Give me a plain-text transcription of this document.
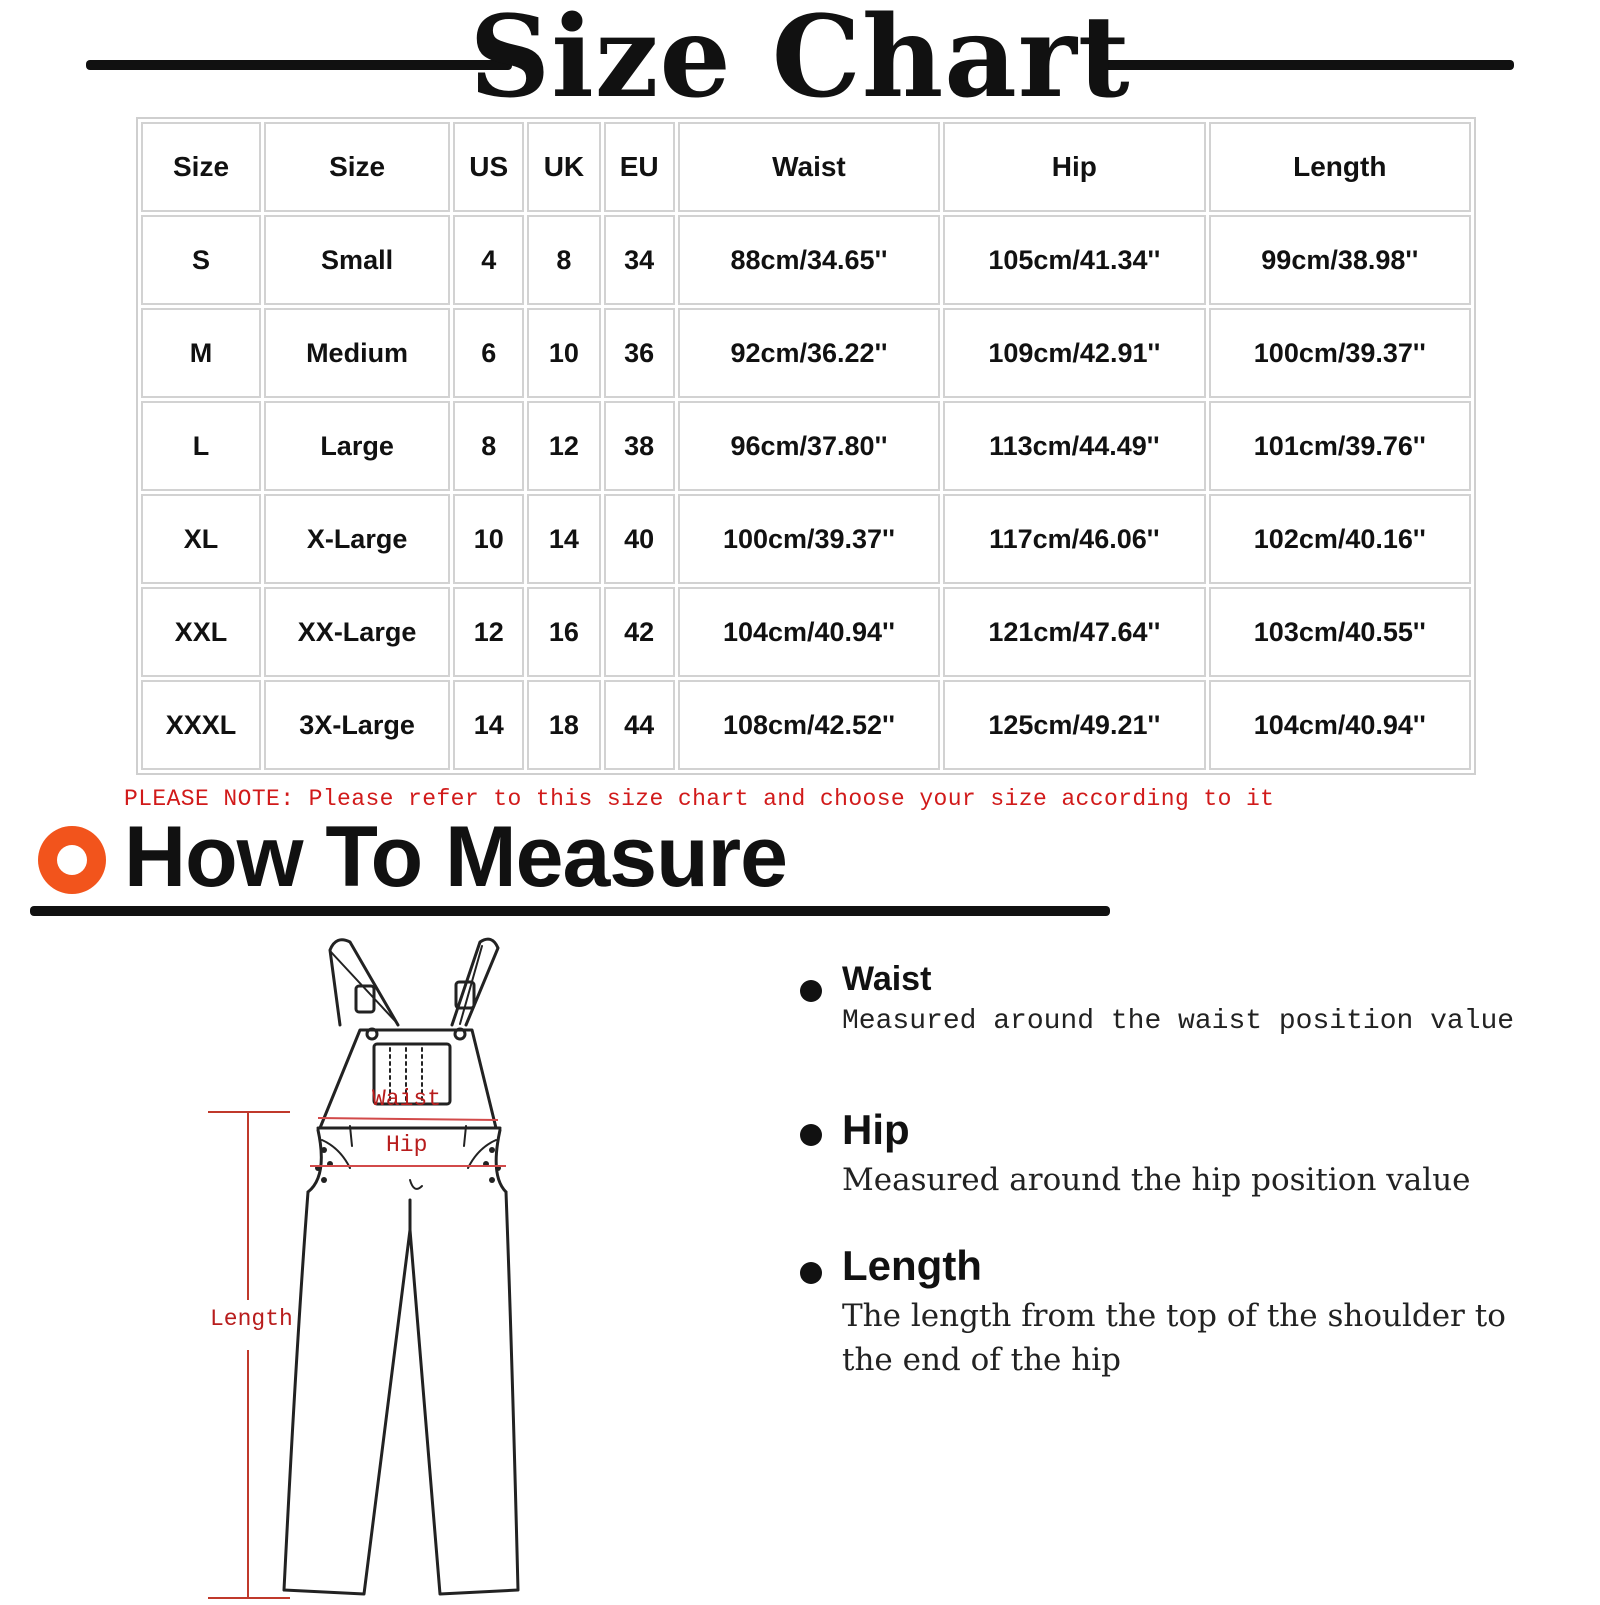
Size Chart
Size	Size	US	UK	EU	Waist	Hip	Length
S	Small	4	8	34	88cm/34.65''	105cm/41.34''	99cm/38.98''
M	Medium	6	10	36	92cm/36.22''	109cm/42.91''	100cm/39.37''
L	Large	8	12	38	96cm/37.80''	113cm/44.49''	101cm/39.76''
XL	X-Large	10	14	40	100cm/39.37''	117cm/46.06''	102cm/40.16''
XXL	XX-Large	12	16	42	104cm/40.94''	121cm/47.64''	103cm/40.55''
XXXL	3X-Large	14	18	44	108cm/42.52''	125cm/49.21''	104cm/40.94''
PLEASE NOTE: Please refer to this size chart and choose your size according to it
How To Measure
Waist
Hip
Length
Waist
Measured around the waist position value
Hip
Measured around the hip position value
Length
The length from the top of the shoulder to
the end of the hip
